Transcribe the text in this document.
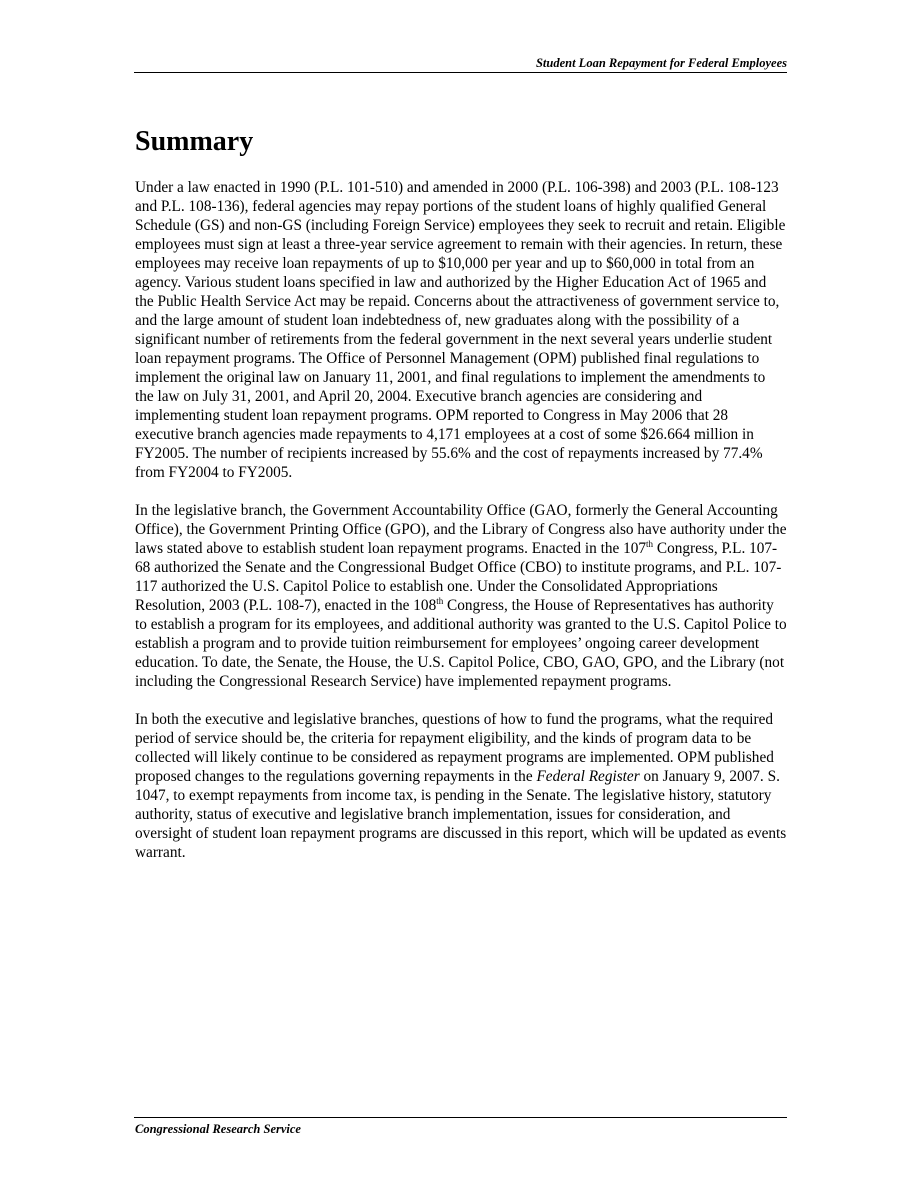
Student Loan Repayment for Federal Employees
Summary

Under a law enacted in 1990 (P.L. 101-510) and amended in 2000 (P.L. 106-398) and 2003 (P.L. 108-123 and P.L. 108-136), federal agencies may repay portions of the student loans of highly qualified General Schedule (GS) and non-GS (including Foreign Service) employees they seek to recruit and retain. Eligible employees must sign at least a three-year service agreement to remain with their agencies. In return, these employees may receive loan repayments of up to $10,000 per year and up to $60,000 in total from an agency. Various student loans specified in law and authorized by the Higher Education Act of 1965 and the Public Health Service Act may be repaid. Concerns about the attractiveness of government service to, and the large amount of student loan indebtedness of, new graduates along with the possibility of a significant number of retirements from the federal government in the next several years underlie student loan repayment programs. The Office of Personnel Management (OPM) published final regulations to implement the original law on January 11, 2001, and final regulations to implement the amendments to the law on July 31, 2001, and April 20, 2004. Executive branch agencies are considering and implementing student loan repayment programs. OPM reported to Congress in May 2006 that 28 executive branch agencies made repayments to 4,171 employees at a cost of some $26.664 million in FY2005. The number of recipients increased by 55.6% and the cost of repayments increased by 77.4% from FY2004 to FY2005.

In the legislative branch, the Government Accountability Office (GAO, formerly the General Accounting Office), the Government Printing Office (GPO), and the Library of Congress also have authority under the laws stated above to establish student loan repayment programs. Enacted in the 107th Congress, P.L. 107-68 authorized the Senate and the Congressional Budget Office (CBO) to institute programs, and P.L. 107-117 authorized the U.S. Capitol Police to establish one. Under the Consolidated Appropriations Resolution, 2003 (P.L. 108-7), enacted in the 108th Congress, the House of Representatives has authority to establish a program for its employees, and additional authority was granted to the U.S. Capitol Police to establish a program and to provide tuition reimbursement for employees’ ongoing career development education. To date, the Senate, the House, the U.S. Capitol Police, CBO, GAO, GPO, and the Library (not including the Congressional Research Service) have implemented repayment programs.

In both the executive and legislative branches, questions of how to fund the programs, what the required period of service should be, the criteria for repayment eligibility, and the kinds of program data to be collected will likely continue to be considered as repayment programs are implemented. OPM published proposed changes to the regulations governing repayments in the Federal Register on January 9, 2007. S. 1047, to exempt repayments from income tax, is pending in the Senate. The legislative history, statutory authority, status of executive and legislative branch implementation, issues for consideration, and oversight of student loan repayment programs are discussed in this report, which will be updated as events warrant.

Congressional Research Service
